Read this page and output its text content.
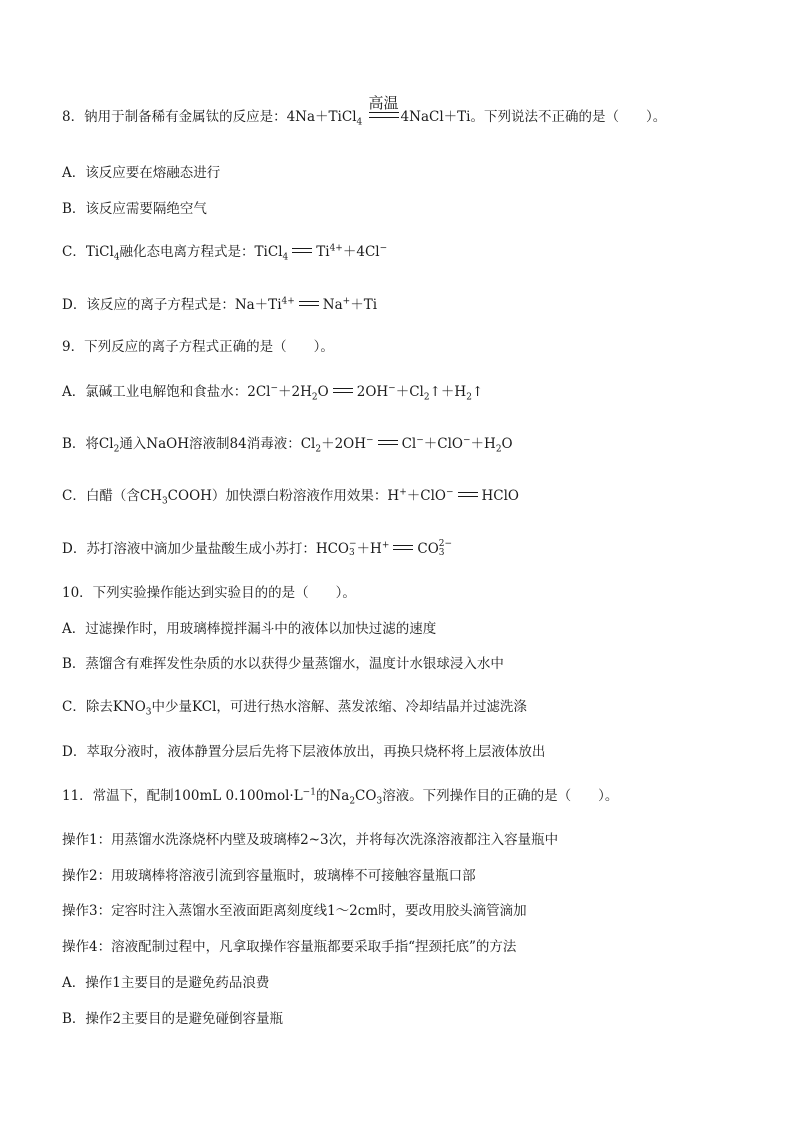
8．钠用于制备稀有金属钛的反应是：4Na＋TiCl$_4$
高温
4NaCl＋Ti。下列说法不正确的是（　　）。
A．该反应要在熔融态进行
B．该反应需要隔绝空气
C．TiCl$_4$融化态电离方程式是：TiCl$_4$ $Ti^{4+}+4Cl^-$
D．该反应的离子方程式是：$Na+Ti^{4+}$ Na+＋Ti
9．下列反应的离子方程式正确的是（　　）。
A．氯碱工业电解饱和食盐水：$2Cl^-+2H_2O$ $2OH^-+Cl_2↑+H_2↑$
B．将$Cl_2$通入NaOH溶液制84消毒液：$Cl_2+2OH^-$ $Cl^-+ClO^-+H_2O$
C．白醋（含$CH_3COOH$）加快漂白粉溶液作用效果：H+＋ClO− HClO
D．苏打溶液中滴加少量盐酸生成小苏打：HCO −
3 ＋H+ CO 2−
3
10．下列实验操作能达到实验目的的是（　　）。
A．过滤操作时，用玻璃棒搅拌漏斗中的液体以加快过滤的速度
B．蒸馏含有难挥发性杂质的水以获得少量蒸馏水，温度计水银球浸入水中
C．除去$KNO_3$中少量KCl，可进行热水溶解、蒸发浓缩、冷却结晶并过滤洗涤
D．萃取分液时，液体静置分层后先将下层液体放出，再换只烧杯将上层液体放出
11．常温下，配制100mL $0.100mol\cdot L^{-1}$的$Na_2CO_3$溶液。下列操作目的正确的是（　　）。
操作1：用蒸馏水洗涤烧杯内壁及玻璃棒2~3次，并将每次洗涤溶液都注入容量瓶中
操作2：用玻璃棒将溶液引流到容量瓶时，玻璃棒不可接触容量瓶口部
操作3：定容时注入蒸馏水至液面距离刻度线1～2cm时，要改用胶头滴管滴加
操作4：溶液配制过程中，凡拿取操作容量瓶都要采取手指“捏颈托底”的方法
A．操作1主要目的是避免药品浪费
B．操作2主要目的是避免碰倒容量瓶
